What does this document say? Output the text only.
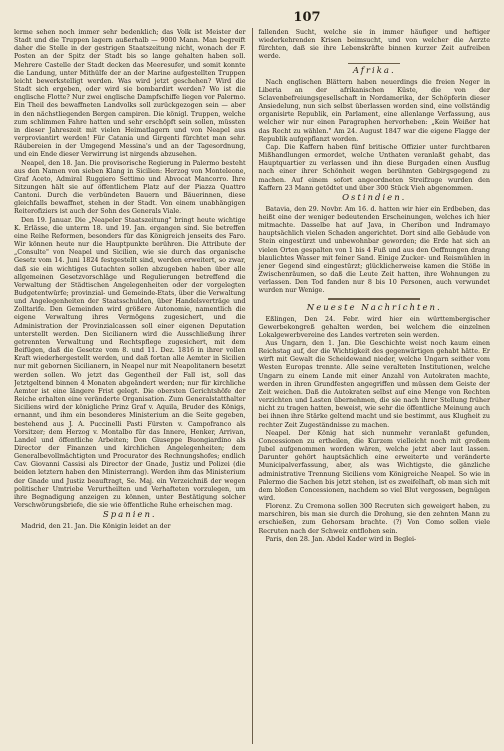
107

lerme sehen noch immer sehr bedenklich; das Volk ist Meister der Stadt und die Truppen lagern außerhalb — 9000 Mann. Man begreift daher die Stelle in der gestrigen Staatszeitung nicht, wonach der F. Posten an der Spitz der Stadt bis so lange gehalten haben soll. Mehrere Castelle der Stadt decken das Meeresufer, und somit konnte die Landung, unter Mithülfe der an der Marine aufgestellten Truppen leicht bewerkstelligt werden. Was wird jetzt geschehen? Wird die Stadt sich ergeben, oder wird sie bombardirt werden? Wo ist die englische Flotte? Nur zwei englische Dampfschiffe liegen vor Palermo. Ein Theil des bewaffneten Landvolks soll zurückgezogen sein — aber in den nächstliegenden Bergen campiren. Die königl. Truppen, welche zum schlimmen Fahre hatten und sehr erschöpft sein sollen, müssten in dieser Jahreszeit mit vielen Heimatlagern und von Neapel aus verproviantirt werden! Für Catania und Girgenti fürchtet man sehr. Räubereien in der Umgegend Messina's und an der Tagesordnung, und ein Ende dieser Verwirrung ist nirgends abzusehen.

Neapel, den 18. Jan. Die provisorische Regierung in Palermo besteht aus den Namen von sieben Klang in Sicilien: Herzog von Monteleone, Graf Aceto, Admiral Ruggiero Settimo und Abvocat Mancorro. Ihre Sitzungen hält sie auf öffentlichem Platz auf der Piazza Quattro Cantoni. Durch die verbündeten Bauern und Bäuerinnen, diese gleichfalls bewaffnet, stehen in der Stadt. Von einem unabhängigen Reiterofiziers ist auch der Sohn des Generals Viale.

Den 19. Januar. Die „Neapeler Staatszeitung" bringt heute wichtige K. Erlässe, die unterm 18. und 19. Jan. ergangen sind. Sie betreffen eine Reihe Reformen, besonders für das Königreich jenseits des Faro. Wir können heute nur die Hauptpunkte berühren. Die Attribute der „Consulte" von Neapel und Sicilien, wie sie durch das organische Gesetz vom 14. Juni 1824 festgestellt sind, werden erweitert, so zwar, daß sie ein wichtiges Gutachten sollen abzugeben haben über alle allgemeinen Gesetzvorschläge und Regulierungen betreffend die Verwaltung der Städtischen Angelegenheiten oder der vorgelegten Budgetentwürfe; provinzial- und Gemeinde-Etats, über die Verwaltung und Angelegenheiten der Staatsschulden, über Handelsverträge und Zolltarife. Den Gemeinden wird größere Autonomie, namentlich die eigene Verwaltung ihres Vermögens zugesichert, und die Administration der Provinzialcassen soll einer eigenen Deputation unterstellt werden. Den Sicilianern wird die Ausschließung ihrer getrennten Verwaltung und Rechtspflege zugesichert, mit dem Beifügen, daß die Gesetze vom 8. und 11. Dez. 1816 in ihrer vollen Kraft wiederhergestellt werden, und daß fortan alle Aemter in Sicilien nur mit gebornen Sicilianern, in Neapel nur mit Neapolitanern besetzt werden sollen. Wo jetzt das Gegentheil der Fall ist, soll das Jetztgeltend binnen 4 Monaten abgeändert werden; nur für kirchliche Aemter ist eine längere Frist gelegt. Die obersten Gerichtshöfe der Reiche erhalten eine veränderte Organisation. Zum Generalstatthalter Siciliens wird der königliche Prinz Graf v. Aquila, Bruder des Königs, ernannt, und ihm ein besonderes Ministerium an die Seite gegeben, bestehend aus J. A. Puccinelli Pasti Fürsten v. Campofranco als Vorsitzer; dem Herzog v. Montalbo für das Innere, Henker, Arrivan, Landel und öffentliche Arbeiten; Don Giuseppe Buongiardino als Director der Finanzen und kirchlichen Angelegenheiten; dem Generalbevollmächtigten und Procurator des Rechnungshofes; endlich Cav. Giovanni Cassisi als Director der Gnade, Justiz und Polizei (die beiden letztern haben den Ministerrang). Werden ihm das Ministerium der Gnade und Justiz beauftragt, Se. Maj. ein Verzeichniß der wegen politischer Umtriebe Verurtheilten und Verhafteten vorzulegen, um ihre Begnadigung anzeigen zu können, unter Bestätigung solcher Verschwörungsbriefe, die sie wie öffentliche Ruhe erheischen mag.

Spanien.

Madrid, den 21. Jan. Die Königin leidet an der

fallenden Sucht, welche sie in immer häufiger und heftiger wiederkehrenden Krisen beimsucht, und von welcher die Aerzte fürchten, daß sie ihre Lebenskräfte binnen kurzer Zeit aufreiben werde.

Afrika.

Nach englischen Blättern haben neuerdings die freien Neger in Liberia an der afrikanischen Küste, die von der Sclavenbefreiungsgesellschaft in Nordamerika, der Schöpferin dieser Ansiedelung, nun sich selbst überlassen worden sind, eine vollständig organisirte Republik, ein Parlament, eine allenlange Verfassung, aus welcher wir nur einen Paragraphen hervorheben: „Kein Weißer hat das Recht zu wählen." Am 24. August 1847 war die eigene Flagge der Republik aufgepflanzt worden.

Cap. Die Kaffern haben fünf britische Offizier unter furchtbaren Mißhandlungen ermordet, welche Unthaten veranlaßt gehabt, das Hauptquartier zu verlassen und ihn diese Burgaden einen Ausflug nach einer ihrer Schönheit wegen berühmten Gebirgsgegend zu machen. Auf einem sofort angeordneten Streifzuge wurden den Kaffern 23 Mann getödtet und über 300 Stück Vieh abgenommen.

Ostindien.

Batavia, den 29. Novbr. Am 16. d. hatten wir hier ein Erdbeben, das heißt eine der weniger bedeutenden Erscheinungen, welches ich hier mitmachte. Dasselbe hat auf Java, in Cheribon und Indramayo hauptsächlich vielen Schaden angerichtet. Dort sind alle Gebäude von Stein eingestürzt und unbewohnbar geworden; die Erde hat sich an vielen Orten gespalten von 1 bis 4 Fuß und aus den Oeffnungen drang blaulichtes Wasser mit feiner Sand. Einige Zucker- und Reismühlen in jener Gegend sind eingestürzt; glücklicherweise kamen die Stöße in Zwischenräumen, so daß die Leute Zeit hatten, ihre Wohnungen zu verlassen. Den Tod fanden nur 8 bis 10 Personen, auch verwundet wurden nur Wenige.

Neueste Nachrichten.

Eßlingen, Den 24. Febr. wird hier ein württembergischer Gewerbekongreß gehalten werden, bei welchem die einzelnen Lokalgewerbvereine des Landes vertreten sein werden.

Aus Ungarn, den 1. Jan. Die Geschichte weist noch kaum einen Reichstag auf, der die Wichtigkeit des gegenwärtigen gehabt hätte. Er wirft mit Gewalt die Scheidewand nieder, welche Ungarn seither vom Westen Europas trennte. Alle seine veralteten Institutionen, welche Ungarn zu einem Lande mit einer Anzahl von Autokraten machte, werden in ihren Grundfesten angegriffen und müssen dem Geiste der Zeit weichen. Daß die Autokraten selbst auf eine Menge von Rechten verzichten und Lasten übernehmen, die sie nach ihrer Stellung früher nicht zu tragen hatten, beweist, wie sehr die öffentliche Meinung auch bei ihnen ihre Stärke geltend macht und sie bestimmt, aus Klugheit zu rechter Zeit Zugeständnisse zu machen.

Neapel. Der König hat sich nunmehr veranlaßt gefunden, Concessionen zu ertheilen, die Kurzem vielleicht noch mit großem Jubel aufgenommen worden wären, welche jetzt aber laut lassen. Darunter gehört hauptsächlich eine erweiterte und veränderte Municipalverfassung, aber, als was Wichtigste, die gänzliche administrative Trennung Siciliens vom Königreiche Neapel. So wie in Palermo die Sachen bis jetzt stehen, ist es zweifelhaft, ob man sich mit dem bloßen Concessionen, nachdem so viel Blut vergossen, begnügen wird.

Florenz. Zu Cremona sollen 300 Recruten sich geweigert haben, zu marschiren, bis man sie durch die Drohung, sie den zehnten Mann zu erschießen, zum Gehorsam brachte. (?) Von Como sollen viele Recruten nach der Schweiz entflohen sein.

Paris, den 28. Jan. Abdel Kader wird in Beglei-
